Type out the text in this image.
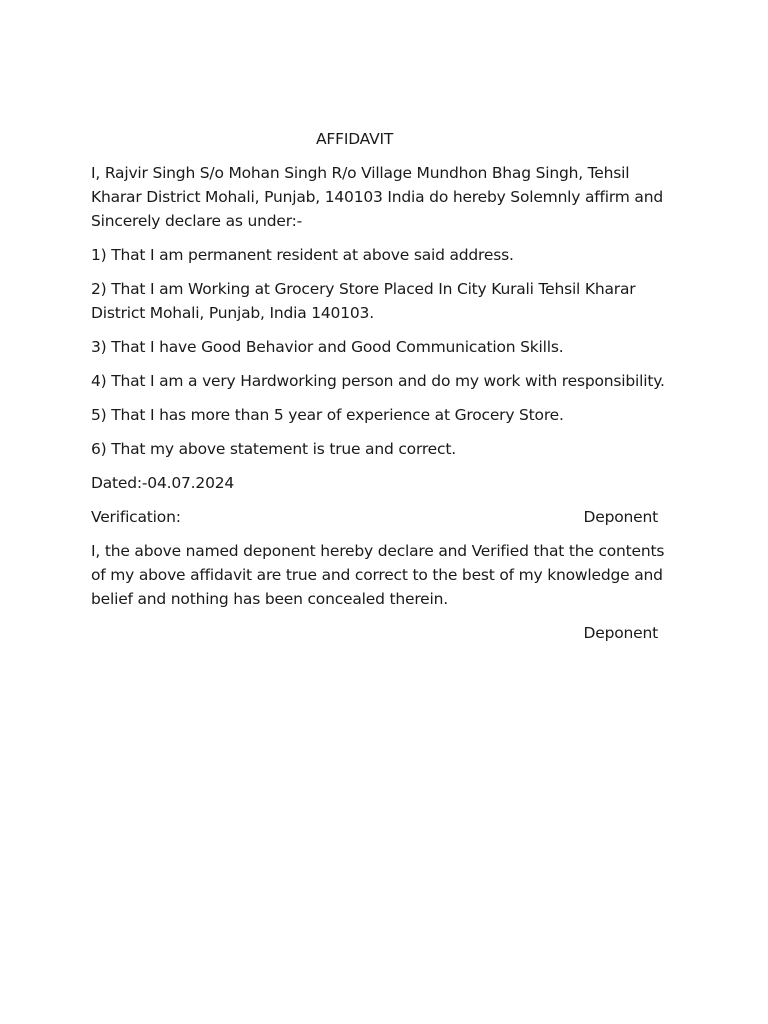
AFFIDAVIT

I, Rajvir Singh S/o Mohan Singh R/o Village Mundhon Bhag Singh, Tehsil Kharar District Mohali, Punjab, 140103 India do hereby Solemnly affirm and Sincerely declare as under:-

1) That I am permanent resident at above said address.

2) That I am Working at Grocery Store Placed In City Kurali Tehsil Kharar District Mohali, Punjab, India 140103.

3) That I have Good Behavior and Good Communication Skills.

4) That I am a very Hardworking person and do my work with responsibility.

5) That I has more than 5 year of experience at Grocery Store.

6) That my above statement is true and correct.

Dated:-04.07.2024

Verification:	Deponent

I, the above named deponent hereby declare and Verified that the contents of my above affidavit are true and correct to the best of my knowledge and belief and nothing has been concealed therein.

Deponent
